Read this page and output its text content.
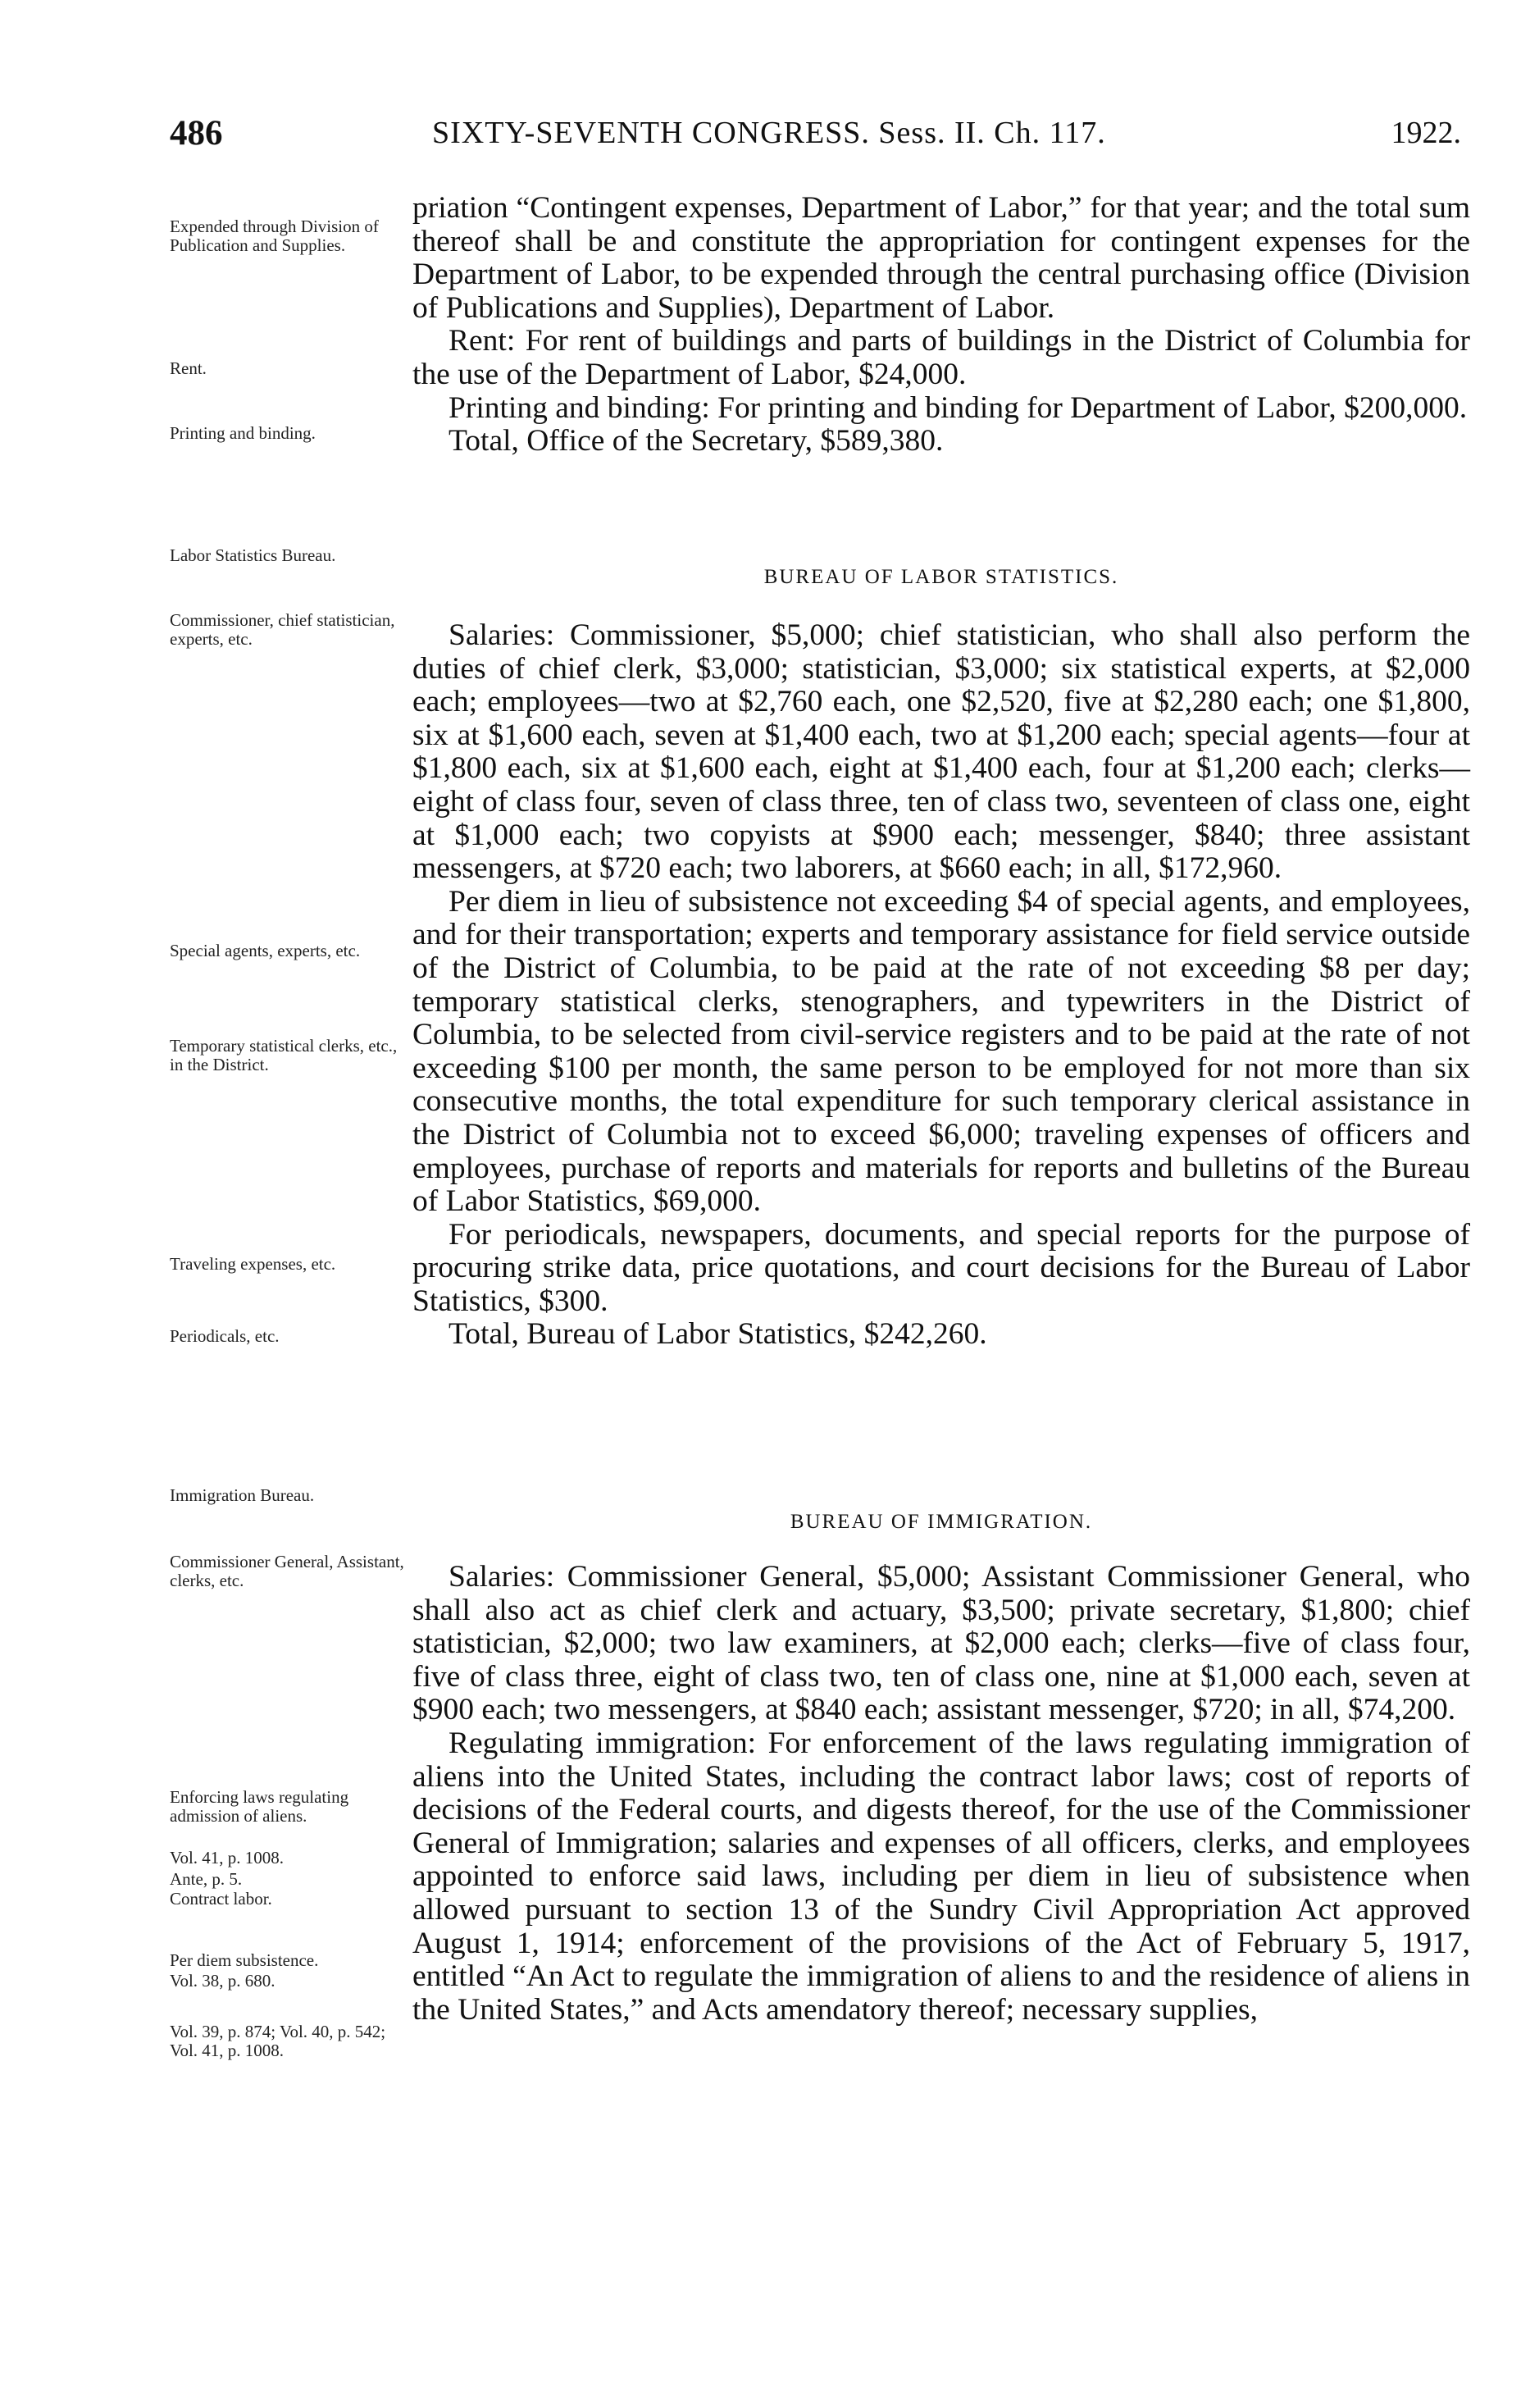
486	SIXTY-SEVENTH CONGRESS. Sess. II. Ch. 117.	1922.
Expended through Division of Publication and Supplies.
Rent.
Printing and binding.
Labor Statistics Bureau.
Commissioner, chief statistician, experts, etc.
Special agents, experts, etc.
Temporary statistical clerks, etc., in the District.
Traveling expenses, etc.
Periodicals, etc.
Immigration Bureau.
Commissioner General, Assistant, clerks, etc.
Enforcing laws regulating admission of aliens.
Vol. 41, p. 1008.
Ante, p. 5.
Contract labor.
Per diem subsistence.
Vol. 38, p. 680.
Vol. 39, p. 874; Vol. 40, p. 542; Vol. 41, p. 1008.

priation “Contingent expenses, Department of Labor,” for that year; and the total sum thereof shall be and constitute the appropriation for contingent expenses for the Department of Labor, to be expended through the central purchasing office (Division of Publications and Supplies), Department of Labor.

Rent: For rent of buildings and parts of buildings in the District of Columbia for the use of the Department of Labor, $24,000.

Printing and binding: For printing and binding for Department of Labor, $200,000.

Total, Office of the Secretary, $589,380.

BUREAU OF LABOR STATISTICS.

Salaries: Commissioner, $5,000; chief statistician, who shall also perform the duties of chief clerk, $3,000; statistician, $3,000; six statistical experts, at $2,000 each; employees—two at $2,760 each, one $2,520, five at $2,280 each; one $1,800, six at $1,600 each, seven at $1,400 each, two at $1,200 each; special agents—four at $1,800 each, six at $1,600 each, eight at $1,400 each, four at $1,200 each; clerks—eight of class four, seven of class three, ten of class two, seventeen of class one, eight at $1,000 each; two copyists at $900 each; messenger, $840; three assistant messengers, at $720 each; two laborers, at $660 each; in all, $172,960.

Per diem in lieu of subsistence not exceeding $4 of special agents, and employees, and for their transportation; experts and temporary assistance for field service outside of the District of Columbia, to be paid at the rate of not exceeding $8 per day; temporary statistical clerks, stenographers, and typewriters in the District of Columbia, to be selected from civil-service registers and to be paid at the rate of not exceeding $100 per month, the same person to be employed for not more than six consecutive months, the total expenditure for such temporary clerical assistance in the District of Columbia not to exceed $6,000; traveling expenses of officers and employees, purchase of reports and materials for reports and bulletins of the Bureau of Labor Statistics, $69,000.

For periodicals, newspapers, documents, and special reports for the purpose of procuring strike data, price quotations, and court decisions for the Bureau of Labor Statistics, $300.

Total, Bureau of Labor Statistics, $242,260.

BUREAU OF IMMIGRATION.

Salaries: Commissioner General, $5,000; Assistant Commissioner General, who shall also act as chief clerk and actuary, $3,500; private secretary, $1,800; chief statistician, $2,000; two law examiners, at $2,000 each; clerks—five of class four, five of class three, eight of class two, ten of class one, nine at $1,000 each, seven at $900 each; two messengers, at $840 each; assistant messenger, $720; in all, $74,200.

Regulating immigration: For enforcement of the laws regulating immigration of aliens into the United States, including the contract labor laws; cost of reports of decisions of the Federal courts, and digests thereof, for the use of the Commissioner General of Immigration; salaries and expenses of all officers, clerks, and employees appointed to enforce said laws, including per diem in lieu of subsistence when allowed pursuant to section 13 of the Sundry Civil Appropriation Act approved August 1, 1914; enforcement of the provisions of the Act of February 5, 1917, entitled “An Act to regulate the immigration of aliens to and the residence of aliens in the United States,” and Acts amendatory thereof; necessary supplies,
